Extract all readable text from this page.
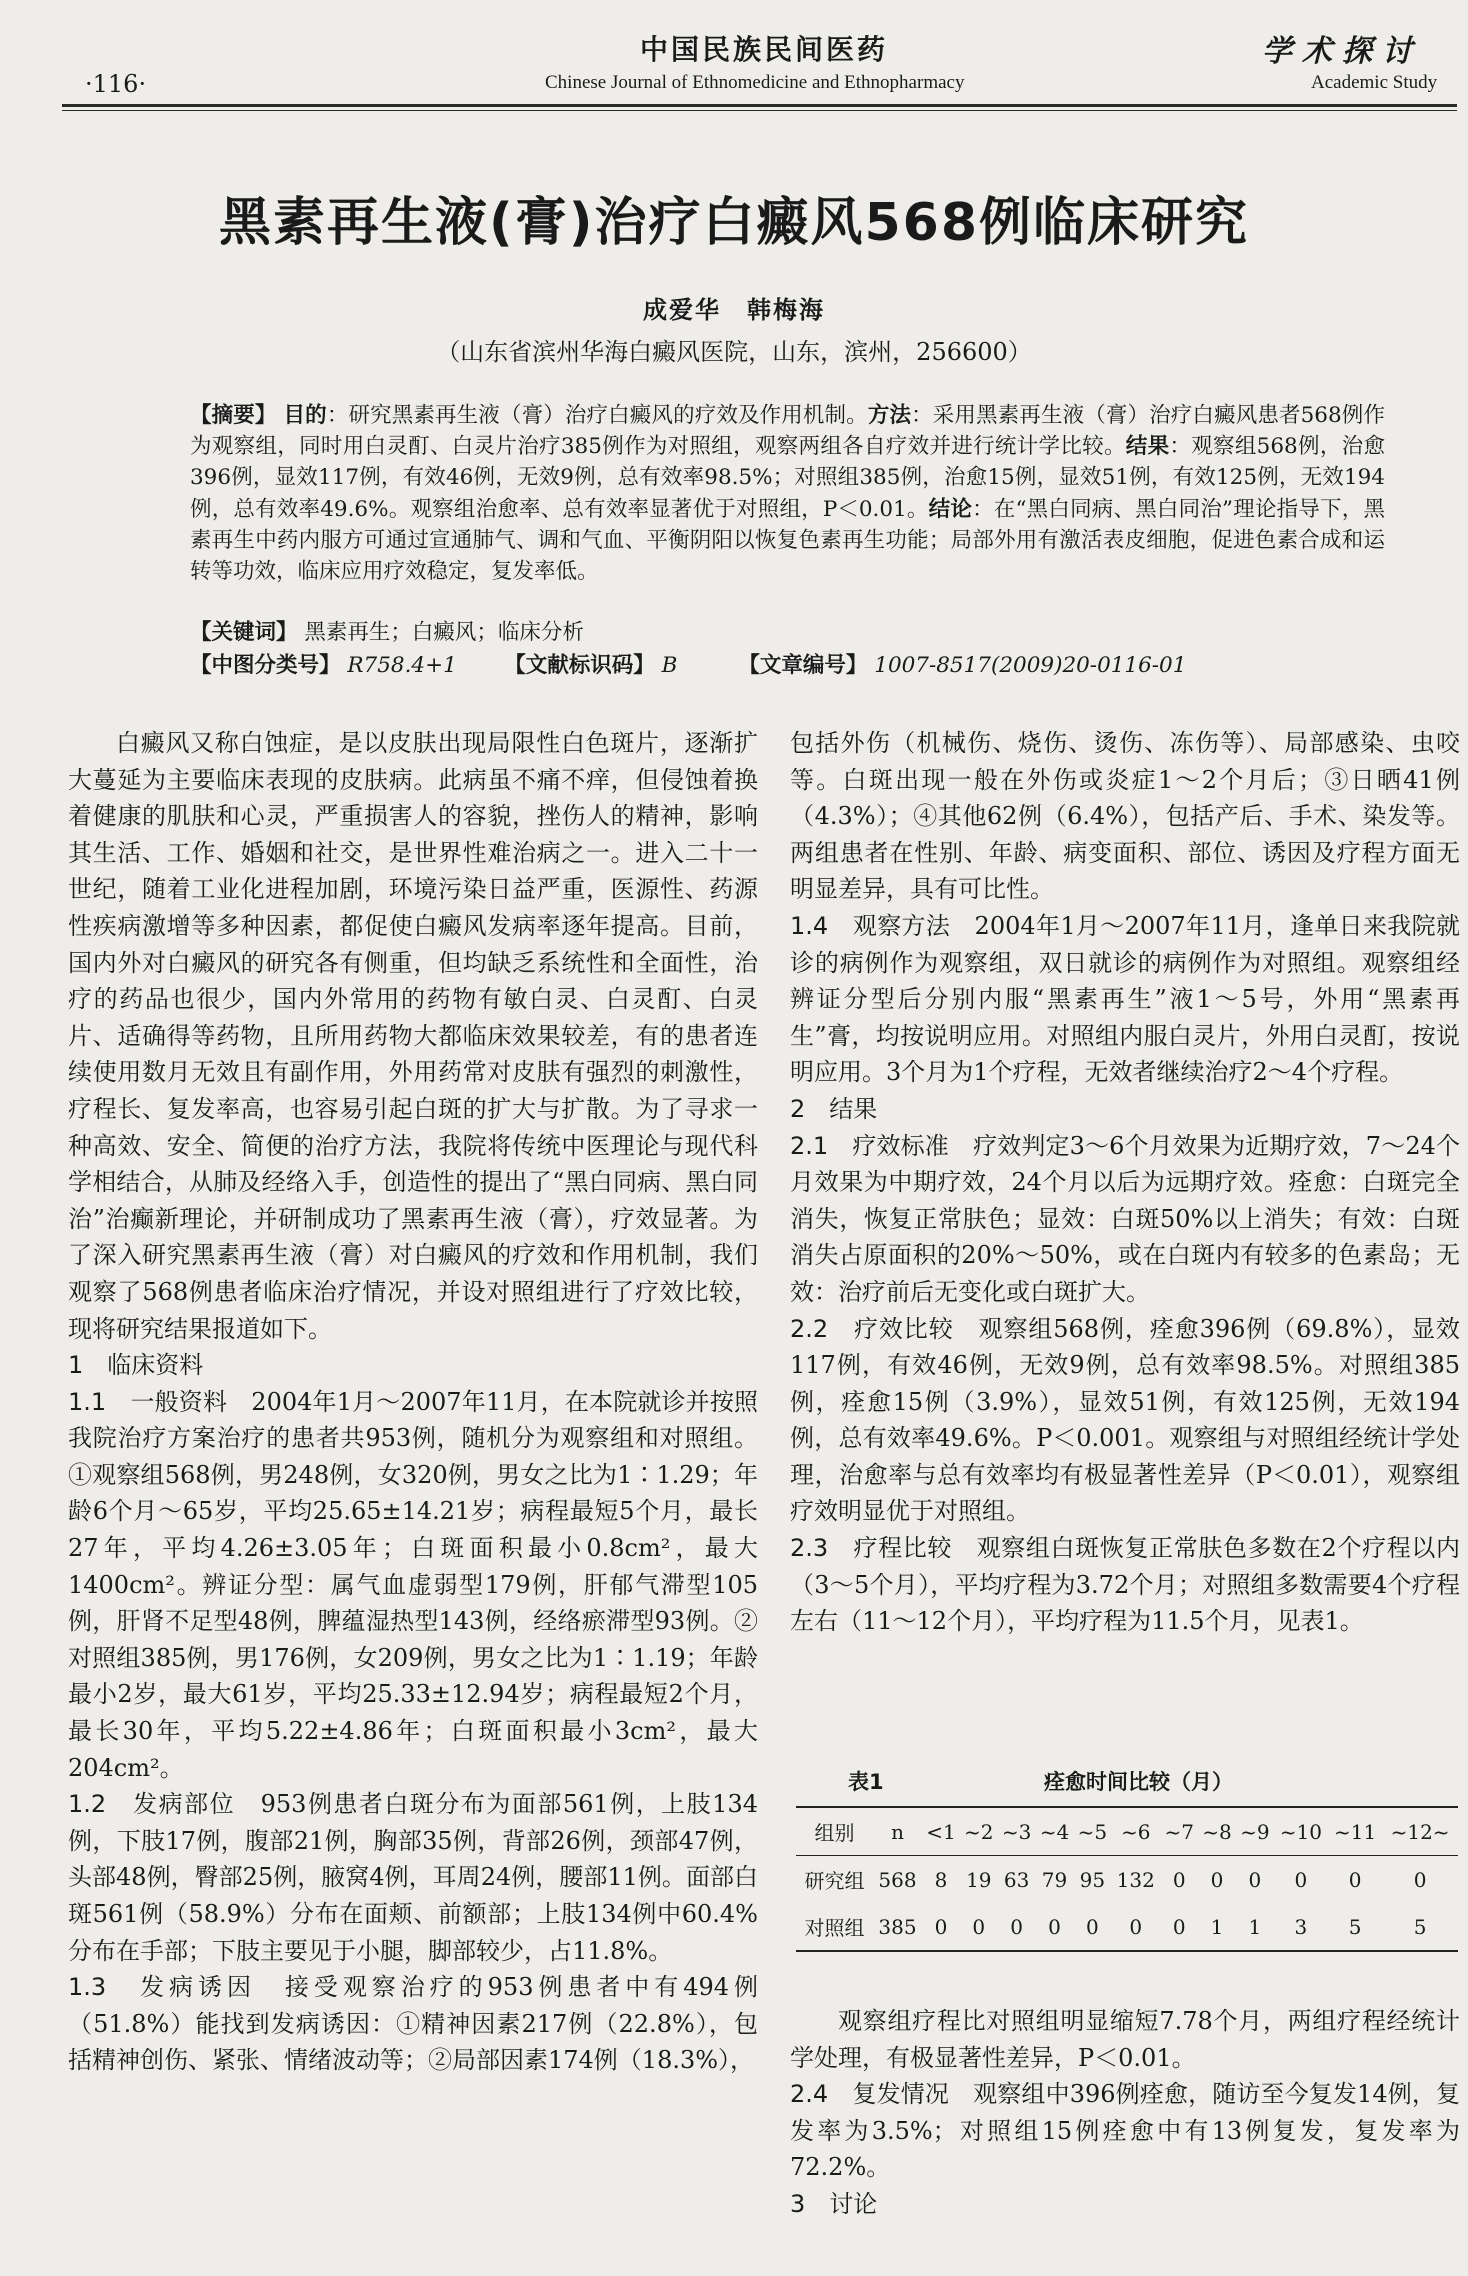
中国民族民间医药	学术探讨
·116·	Chinese Journal of Ethnomedicine and Ethnopharmacy	Academic Study
黑素再生液(膏)治疗白癜风568例临床研究
成爱华　韩梅海
（山东省滨州华海白癜风医院，山东，滨州，256600）

【摘要】 目的：研究黑素再生液（膏）治疗白癜风的疗效及作用机制。方法：采用黑素再生液（膏）治疗白癜风患者568例作为观察组，同时用白灵酊、白灵片治疗385例作为对照组，观察两组各自疗效并进行统计学比较。结果：观察组568例，治愈396例，显效117例，有效46例，无效9例，总有效率98.5%；对照组385例，治愈15例，显效51例，有效125例，无效194例，总有效率49.6%。观察组治愈率、总有效率显著优于对照组，P＜0.01。结论：在“黑白同病、黑白同治”理论指导下，黑素再生中药内服方可通过宣通肺气、调和气血、平衡阴阳以恢复色素再生功能；局部外用有激活表皮细胞，促进色素合成和运转等功效，临床应用疗效稳定，复发率低。

【关键词】 黑素再生；白癜风；临床分析
【中图分类号】 R758.4+1 【文献标识码】 B	【文章编号】 1007-8517(2009)20-0116-01

白癜风又称白蚀症，是以皮肤出现局限性白色斑片，逐渐扩大蔓延为主要临床表现的皮肤病。此病虽不痛不痒，但侵蚀着换着健康的肌肤和心灵，严重损害人的容貌，挫伤人的精神，影响其生活、工作、婚姻和社交，是世界性难治病之一。进入二十一世纪，随着工业化进程加剧，环境污染日益严重，医源性、药源性疾病激增等多种因素，都促使白癜风发病率逐年提高。目前，国内外对白癜风的研究各有侧重，但均缺乏系统性和全面性，治疗的药品也很少，国内外常用的药物有敏白灵、白灵酊、白灵片、适确得等药物，且所用药物大都临床效果较差，有的患者连续使用数月无效且有副作用，外用药常对皮肤有强烈的刺激性，疗程长、复发率高，也容易引起白斑的扩大与扩散。为了寻求一种高效、安全、简便的治疗方法，我院将传统中医理论与现代科学相结合，从肺及经络入手，创造性的提出了“黑白同病、黑白同治”治癫新理论，并研制成功了黑素再生液（膏），疗效显著。为了深入研究黑素再生液（膏）对白癜风的疗效和作用机制，我们观察了568例患者临床治疗情况，并设对照组进行了疗效比较，现将研究结果报道如下。

1　临床资料

1.1　一般资料　2004年1月～2007年11月，在本院就诊并按照我院治疗方案治疗的患者共953例，随机分为观察组和对照组。①观察组568例，男248例，女320例，男女之比为1∶1.29；年龄6个月～65岁，平均25.65±14.21岁；病程最短5个月，最长27年，平均4.26±3.05年；白斑面积最小0.8cm²，最大1400cm²。辨证分型：属气血虚弱型179例，肝郁气滞型105例，肝肾不足型48例，脾蕴湿热型143例，经络瘀滞型93例。②对照组385例，男176例，女209例，男女之比为1∶1.19；年龄最小2岁，最大61岁，平均25.33±12.94岁；病程最短2个月，最长30年，平均5.22±4.86年；白斑面积最小3cm²，最大204cm²。

1.2　发病部位　953例患者白斑分布为面部561例，上肢134例，下肢17例，腹部21例，胸部35例，背部26例，颈部47例，头部48例，臀部25例，腋窝4例，耳周24例，腰部11例。面部白斑561例（58.9%）分布在面颊、前额部；上肢134例中60.4%分布在手部；下肢主要见于小腿，脚部较少，占11.8%。

1.3　发病诱因　接受观察治疗的953例患者中有494例（51.8%）能找到发病诱因：①精神因素217例（22.8%），包括精神创伤、紧张、情绪波动等；②局部因素174例（18.3%），

包括外伤（机械伤、烧伤、烫伤、冻伤等）、局部感染、虫咬等。白斑出现一般在外伤或炎症1～2个月后；③日晒41例（4.3%）；④其他62例（6.4%），包括产后、手术、染发等。两组患者在性别、年龄、病变面积、部位、诱因及疗程方面无明显差异，具有可比性。

1.4　观察方法　2004年1月～2007年11月，逢单日来我院就诊的病例作为观察组，双日就诊的病例作为对照组。观察组经辨证分型后分别内服“黑素再生”液1～5号，外用“黑素再生”膏，均按说明应用。对照组内服白灵片，外用白灵酊，按说明应用。3个月为1个疗程，无效者继续治疗2～4个疗程。

2　结果

2.1　疗效标准　疗效判定3～6个月效果为近期疗效，7～24个月效果为中期疗效，24个月以后为远期疗效。痊愈：白斑完全消失，恢复正常肤色；显效：白斑50%以上消失；有效：白斑消失占原面积的20%～50%，或在白斑内有较多的色素岛；无效：治疗前后无变化或白斑扩大。

2.2　疗效比较　观察组568例，痊愈396例（69.8%），显效117例，有效46例，无效9例，总有效率98.5%。对照组385例，痊愈15例（3.9%），显效51例，有效125例，无效194例，总有效率49.6%。P＜0.001。观察组与对照组经统计学处理，治愈率与总有效率均有极显著性差异（P＜0.01），观察组疗效明显优于对照组。

2.3　疗程比较　观察组白斑恢复正常肤色多数在2个疗程以内（3～5个月），平均疗程为3.72个月；对照组多数需要4个疗程左右（11～12个月），平均疗程为11.5个月，见表1。

表1	痊愈时间比较（月）
组别	n	<1	~2	~3	~4	~5	~6	~7	~8	~9	~10	~11	~12~
研究组	568	8	19	63	79	95	132	0	0	0	0	0	0
对照组	385	0	0	0	0	0	0	0	1	1	3	5	5

观察组疗程比对照组明显缩短7.78个月，两组疗程经统计学处理，有极显著性差异，P＜0.01。

2.4　复发情况　观察组中396例痊愈，随访至今复发14例，复发率为3.5%；对照组15例痊愈中有13例复发，复发率为72.2%。

3　讨论
